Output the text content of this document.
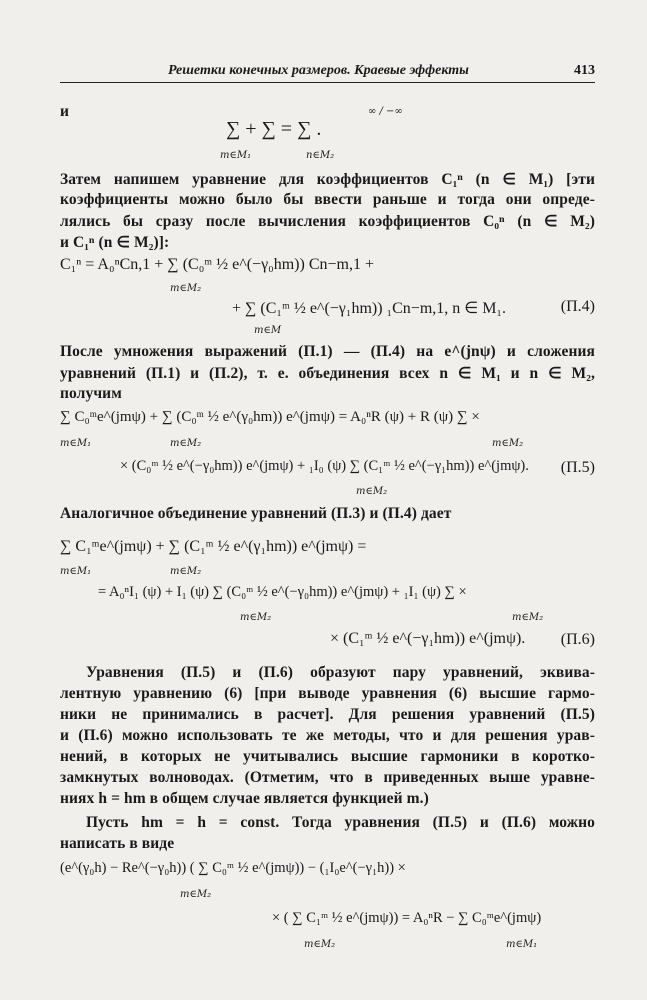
Решетки конечных размеров. Краевые эффекты	413
и
∑ + ∑ = ∑ .
m∈M₁	n∈M₂
∞ / −∞
Затем напишем уравнение для коэффициентов C₁ⁿ (n ∈ M₁) [эти
коэффициенты можно было бы ввести раньше и тогда они опреде-
лялись бы сразу после вычисления коэффициентов C₀ⁿ (n ∈ M₂)
и C₁ⁿ (n ∈ M₂)]:
C₁ⁿ = A₀ⁿCn,1 + ∑ (C₀ᵐ ½ e^(−γ₀hm)) Cn−m,1 +
m∈M₂
+ ∑ (C₁ᵐ ½ e^(−γ₁hm)) ₁Cn−m,1, n ∈ M₁.
m∈M
(П.4)
После умножения выражений (П.1) — (П.4) на e^(jnψ) и сложения
уравнений (П.1) и (П.2), т. е. объединения всех n ∈ M₁ и n ∈ M₂,
получим
∑ C₀ᵐe^(jmψ) + ∑ (C₀ᵐ ½ e^(γ₀hm)) e^(jmψ) = A₀ⁿR (ψ) + R (ψ) ∑ ×
m∈M₁	m∈M₂	m∈M₂
× (C₀ᵐ ½ e^(−γ₀hm)) e^(jmψ) + ₁I₀ (ψ) ∑ (C₁ᵐ ½ e^(−γ₁hm)) e^(jmψ).
m∈M₂
(П.5)
Аналогичное объединение уравнений (П.3) и (П.4) дает
∑ C₁ᵐe^(jmψ) + ∑ (C₁ᵐ ½ e^(γ₁hm)) e^(jmψ) =
m∈M₁	m∈M₂
= A₀ⁿI₁ (ψ) + I₁ (ψ) ∑ (C₀ᵐ ½ e^(−γ₀hm)) e^(jmψ) + ₁I₁ (ψ) ∑ ×
m∈M₂	m∈M₂
× (C₁ᵐ ½ e^(−γ₁hm)) e^(jmψ). (П.6)
Уравнения (П.5) и (П.6) образуют пару уравнений, эквива-
лентную уравнению (6) [при выводе уравнения (6) высшие гармо-
ники не принимались в расчет]. Для решения уравнений (П.5)
и (П.6) можно использовать те же методы, что и для решения урав-
нений, в которых не учитывались высшие гармоники в коротко-
замкнутых волноводах. (Отметим, что в приведенных выше уравне-
ниях h = hm в общем случае является функцией m.)
Пусть hm = h = const. Тогда уравнения (П.5) и (П.6) можно
написать в виде
(e^(γ₀h) − Re^(−γ₀h)) ( ∑ C₀ᵐ ½ e^(jmψ)) − (₁I₀e^(−γ₁h)) ×
m∈M₂
× ( ∑ C₁ᵐ ½ e^(jmψ)) = A₀ⁿR − ∑ C₀ᵐe^(jmψ)
m∈M₂	m∈M₁
